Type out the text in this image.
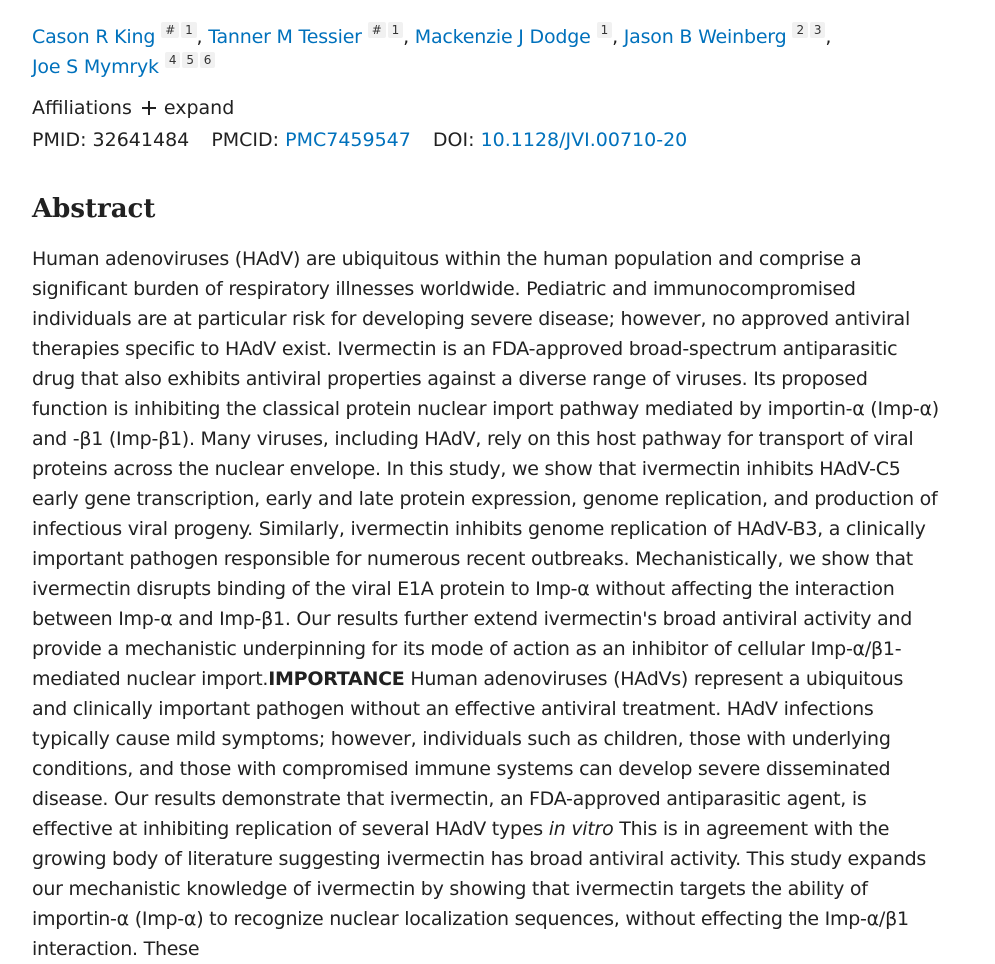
Cason R King # 1 , Tanner M Tessier # 1 , Mackenzie J Dodge 1 , Jason B Weinberg 2 3 ,
Joe S Mymryk 4 5 6
Affiliations expand
PMID: 32641484 PMCID: PMC7459547 DOI: 10.1128/JVI.00710-20
Abstract
Human adenoviruses (HAdV) are ubiquitous within the human population and comprise a significant burden of respiratory illnesses worldwide. Pediatric and immunocompromised individuals are at particular risk for developing severe disease; however, no approved antiviral therapies specific to HAdV exist. Ivermectin is an FDA-approved broad-spectrum antiparasitic drug that also exhibits antiviral properties against a diverse range of viruses. Its proposed function is inhibiting the classical protein nuclear import pathway mediated by importin-α (Imp-α) and -β1 (Imp-β1). Many viruses, including HAdV, rely on this host pathway for transport of viral proteins across the nuclear envelope. In this study, we show that ivermectin inhibits HAdV-C5 early gene transcription, early and late protein expression, genome replication, and production of infectious viral progeny. Similarly, ivermectin inhibits genome replication of HAdV-B3, a clinically important pathogen responsible for numerous recent outbreaks. Mechanistically, we show that ivermectin disrupts binding of the viral E1A protein to Imp-α without affecting the interaction between Imp-α and Imp-β1. Our results further extend ivermectin's broad antiviral activity and provide a mechanistic underpinning for its mode of action as an inhibitor of cellular Imp-α/β1-mediated nuclear import.IMPORTANCE Human adenoviruses (HAdVs) represent a ubiquitous and clinically important pathogen without an effective antiviral treatment. HAdV infections typically cause mild symptoms; however, individuals such as children, those with underlying conditions, and those with compromised immune systems can develop severe disseminated disease. Our results demonstrate that ivermectin, an FDA-approved antiparasitic agent, is effective at inhibiting replication of several HAdV types in vitro This is in agreement with the growing body of literature suggesting ivermectin has broad antiviral activity. This study expands our mechanistic knowledge of ivermectin by showing that ivermectin targets the ability of importin-α (Imp-α) to recognize nuclear localization sequences, without effecting the Imp-α/β1 interaction. These
